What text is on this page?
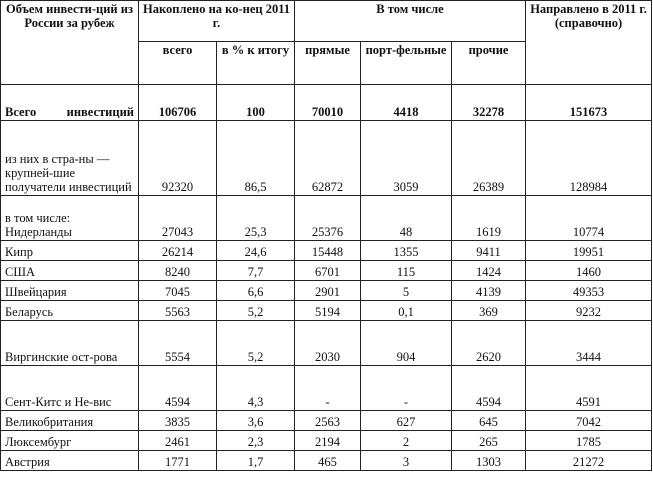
Объем инвести-ций из России за рубеж	Накоплено на ко-нец 2011 г.		В том числе			Направлено в 2011 г. (справочно)
	всего	в % к итогу	прямые	порт-фельные	прочие	
Всего инвестиций	106706	100	70010	4418	32278	151673
из них в стра-ны — крупней-шие получатели инвестиций	92320	86,5	62872	3059	26389	128984
в том числе: Нидерланды	27043	25,3	25376	48	1619	10774
Кипр	26214	24,6	15448	1355	9411	19951
США	8240	7,7	6701	115	1424	1460
Швейцария	7045	6,6	2901	5	4139	49353
Беларусь	5563	5,2	5194	0,1	369	9232
Виргинские ост-рова	5554	5,2	2030	904	2620	3444
Сент-Китс и Не-вис	4594	4,3	-	-	4594	4591
Великобритания	3835	3,6	2563	627	645	7042
Люксембург	2461	2,3	2194	2	265	1785
Австрия	1771	1,7	465	3	1303	21272
